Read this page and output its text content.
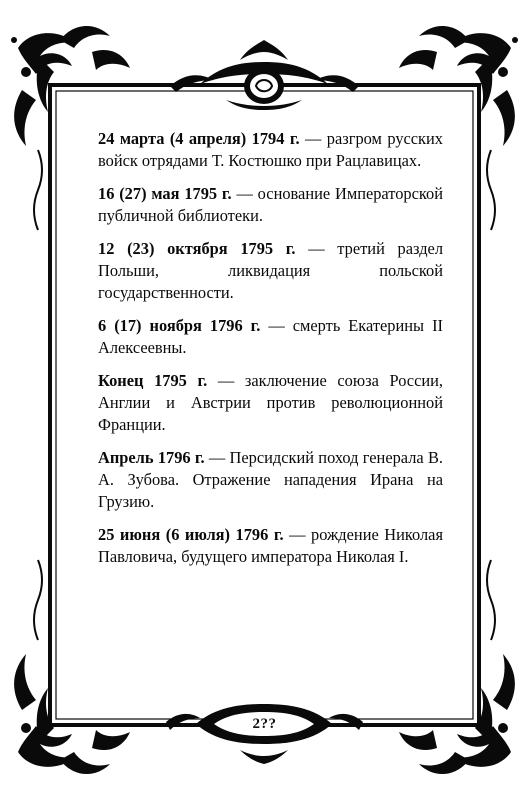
ˇ

24 марта (4 апреля) 1794 г. — разгром русских войск отрядами Т. Костюшко при Рацлавицах.

16 (27) мая 1795 г. — основание Императорской публичной библиотеки.

12 (23) октября 1795 г. — третий раздел Польши, ликвидация польской государственности.

6 (17) ноября 1796 г. — смерть Екатерины II Алексеевны.

Конец 1795 г. — заключение союза России, Англии и Австрии против революционной Франции.

Апрель 1796 г. — Персидский поход генерала В. А. Зубова. Отражение нападения Ирана на Грузию.

25 июня (6 июля) 1796 г. — рождение Николая Павловича, будущего императора Николая I.

2??
